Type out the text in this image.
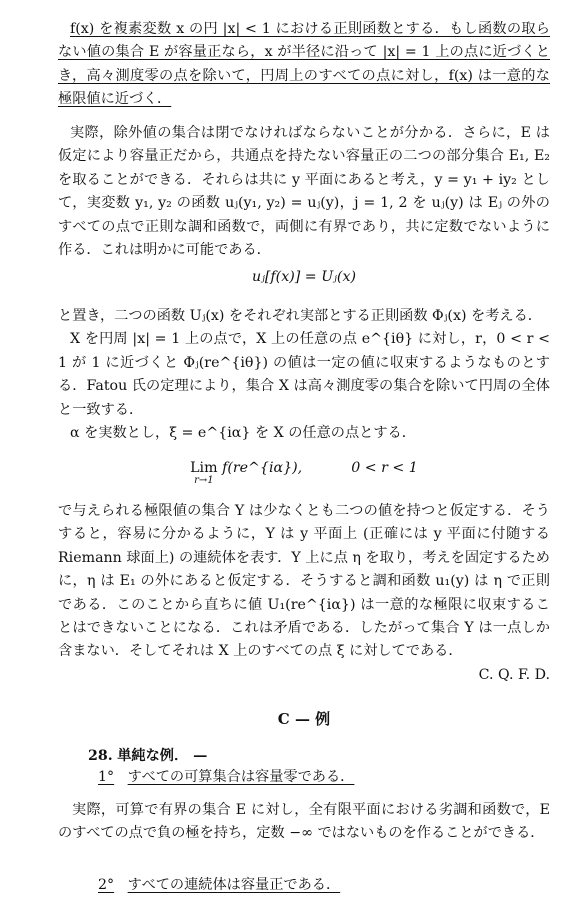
f(x) を複素変数 x の円 |x| < 1 における正則函数とする．もし函数の取らない値の集合 E が容量正なら，x が半径に沿って |x| = 1 上の点に近づくとき，高々測度零の点を除いて，円周上のすべての点に対し，f(x) は一意的な極限値に近づく．

実際，除外値の集合は閉でなければならないことが分かる．さらに，E は仮定により容量正だから，共通点を持たない容量正の二つの部分集合 E₁, E₂ を取ることができる．それらは共に y 平面にあると考え，y = y₁ + iy₂ として，実変数 y₁, y₂ の函数 uⱼ(y₁, y₂) = uⱼ(y)，j = 1, 2 を uⱼ(y) は Eⱼ の外のすべての点で正則な調和函数で，両側に有界であり，共に定数でないように作る．これは明かに可能である．

uⱼ[f(x)] = Uⱼ(x)

と置き，二つの函数 Uⱼ(x) をそれぞれ実部とする正則函数 Φⱼ(x) を考える．

X を円周 |x| = 1 上の点で，X 上の任意の点 e^{iθ} に対し，r，0 < r < 1 が 1 に近づくと Φⱼ(re^{iθ}) の値は一定の値に収束するようなものとする．Fatou 氏の定理により，集合 X は高々測度零の集合を除いて円周の全体と一致する．

α を実数とし，ξ = e^{iα} を X の任意の点とする．

Lim
r→1
f(re^{iα}),	0 < r < 1

で与えられる極限値の集合 Y は少なくとも二つの値を持つと仮定する．そうすると，容易に分かるように，Y は y 平面上 (正確には y 平面に付随する Riemann 球面上) の連続体を表す．Y 上に点 η を取り，考えを固定するために，η は E₁ の外にあると仮定する．そうすると調和函数 u₁(y) は η で正則である．このことから直ちに値 U₁(re^{iα}) は一意的な極限に収束することはできないことになる．これは矛盾である．したがって集合 Y は一点しか含まない．そしてそれは X 上のすべての点 ξ に対してである．

C. Q. F. D.

C — 例
28. 単純な例． —

1° すべての可算集合は容量零である．

実際，可算で有界の集合 E に対し，全有限平面における劣調和函数で，E のすべての点で負の極を持ち，定数 −∞ ではないものを作ることができる．

2° すべての連続体は容量正である．
